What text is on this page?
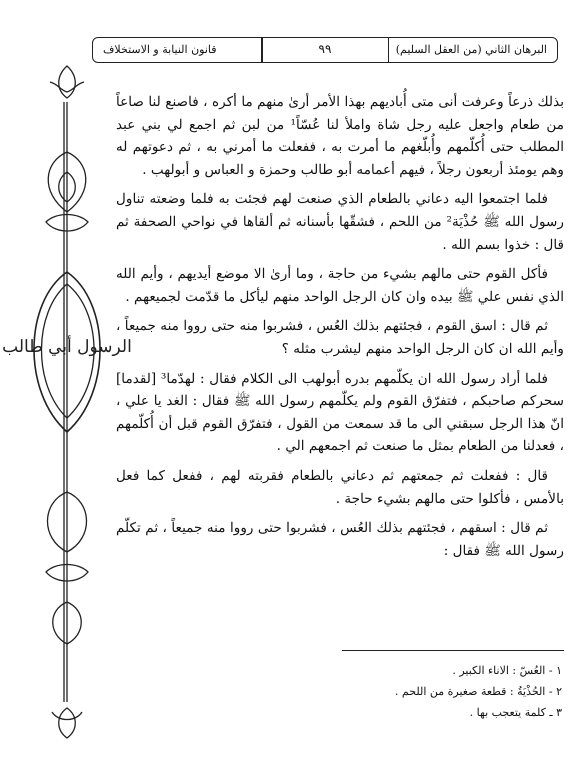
البرهان الثاني (من العقل السليم)
٩٩
قانون النيابة و الاستخلاف
الرسول أبي طالب

بذلك ذرعاً وعرفت أنى متى أُباديهم بهذا الأمر أرىٰ منهم ما أكره ، فاصنع لنا صاعاً من طعام واجعل عليه رجل شاة واملأ لنا عُسّاً¹ من لبن ثم اجمع لي بني عبد المطلب حتى أُكلّمهم وأُبلّغهم ما أمرت به ، ففعلت ما أمرني به ، ثم دعوتهم له وهم يومئذ أربعون رجلاً ، فيهم أعمامه أبو طالب وحمزة و العباس و أبولهب .

فلما اجتمعوا اليه دعاني بالطعام الذي صنعت لهم فجئت به فلما وضعته تناول رسول الله ﷺ حُذْيَة² من اللحم ، فشقّها بأسنانه ثم ألقاها في نواحي الصحفة ثم قال : خذوا بسم الله .

فأكل القوم حتى مالهم بشيء من حاجة ، وما أرىٰ الا موضع أيديهم ، وأيم الله الذي نفس علي ﷺ بيده وان كان الرجل الواحد منهم ليأكل ما قدّمت لجميعهم .

ثم قال : اسق القوم ، فجئتهم بذلك العُس ، فشربوا منه حتى رووا منه جميعاً ، وأيم الله ان كان الرجل الواحد منهم ليشرب مثله ؟

فلما أراد رسول الله ان يكلّمهم بدره أبولهب الى الكلام فقال : لهدّما³ [لقدما] سحركم صاحبكم ، فتفرّق القوم ولم يكلّمهم رسول الله ﷺ فقال : الغد يا علي ، انّ هذا الرجل سبقني الى ما قد سمعت من القول ، فتفرّق القوم قبل أن أُكلّمهم ، فعدلنا من الطعام بمثل ما صنعت ثم اجمعهم الي .

قال : ففعلت ثم جمعتهم ثم دعاني بالطعام فقربته لهم ، ففعل كما فعل بالأمس ، فأكلوا حتى مالهم بشيء حاجة .

ثم قال : اسقهم ، فجئتهم بذلك العُس ، فشربوا حتى رووا منه جميعاً ، ثم تكلّم رسول الله ﷺ فقال :

١ - العُسّ : الاناء الكبير .
٢ - الحُذْيَةُ : قطعة صغيرة من اللحم .
٣ ـ كلمة يتعجب بها .
